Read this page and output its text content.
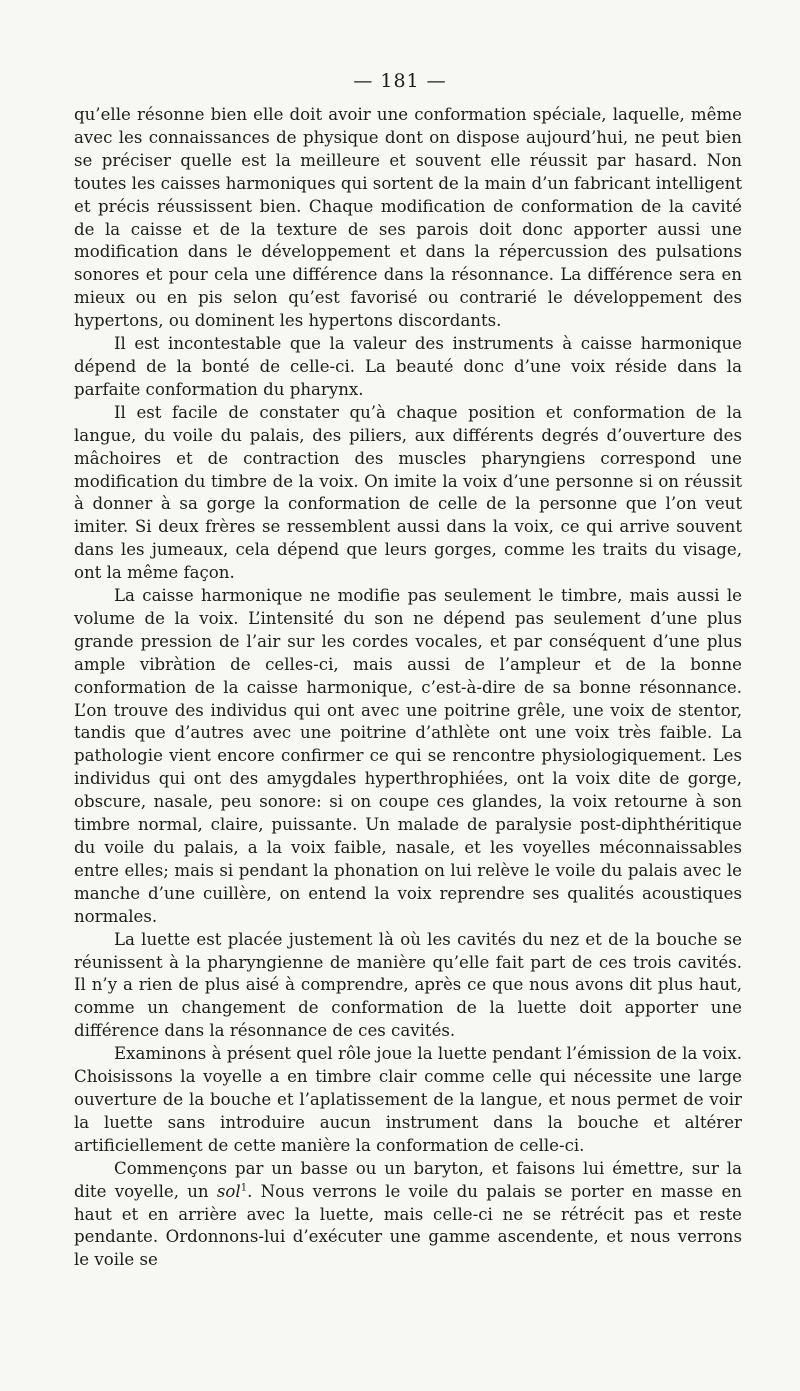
— 181 —

qu’elle résonne bien elle doit avoir une conformation spéciale, laquelle, même avec les connaissances de physique dont on dispose aujourd’hui, ne peut bien se préciser quelle est la meilleure et souvent elle réussit par hasard. Non toutes les caisses harmoniques qui sortent de la main d’un fabricant intelligent et précis réussissent bien. Chaque modification de conformation de la cavité de la caisse et de la texture de ses parois doit donc apporter aussi une modification dans le développement et dans la répercussion des pulsations sonores et pour cela une différence dans la résonnance. La différence sera en mieux ou en pis selon qu’est favorisé ou contrarié le développement des hypertons, ou dominent les hypertons discordants.

Il est incontestable que la valeur des instruments à caisse harmonique dépend de la bonté de celle-ci. La beauté donc d’une voix réside dans la parfaite conformation du pharynx.

Il est facile de constater qu’à chaque position et conformation de la langue, du voile du palais, des piliers, aux différents degrés d’ouverture des mâchoires et de contraction des muscles pharyngiens correspond une modification du timbre de la voix. On imite la voix d’une personne si on réussit à donner à sa gorge la conformation de celle de la personne que l’on veut imiter. Si deux frères se ressemblent aussi dans la voix, ce qui arrive souvent dans les jumeaux, cela dépend que leurs gorges, comme les traits du visage, ont la même façon.

La caisse harmonique ne modifie pas seulement le timbre, mais aussi le volume de la voix. L’intensité du son ne dépend pas seulement d’une plus grande pression de l’air sur les cordes vocales, et par conséquent d’une plus ample vibràtion de celles-ci, mais aussi de l’ampleur et de la bonne conformation de la caisse harmonique, c’est-à-dire de sa bonne résonnance. L’on trouve des individus qui ont avec une poitrine grêle, une voix de stentor, tandis que d’autres avec une poitrine d’athlète ont une voix très faible. La pathologie vient encore confirmer ce qui se rencontre physiologiquement. Les individus qui ont des amygdales hyperthrophiées, ont la voix dite de gorge, obscure, nasale, peu sonore: si on coupe ces glandes, la voix retourne à son timbre normal, claire, puissante. Un malade de paralysie post-diphthéritique du voile du palais, a la voix faible, nasale, et les voyelles méconnaissables entre elles; mais si pendant la phonation on lui relève le voile du palais avec le manche d’une cuillère, on entend la voix reprendre ses qualités acoustiques normales.

La luette est placée justement là où les cavités du nez et de la bouche se réunissent à la pharyngienne de manière qu’elle fait part de ces trois cavités. Il n’y a rien de plus aisé à comprendre, après ce que nous avons dit plus haut, comme un changement de conformation de la luette doit apporter une différence dans la résonnance de ces cavités.

Examinons à présent quel rôle joue la luette pendant l’émission de la voix. Choisissons la voyelle a en timbre clair comme celle qui nécessite une large ouverture de la bouche et l’aplatissement de la langue, et nous permet de voir la luette sans introduire aucun instrument dans la bouche et altérer artificiellement de cette manière la conformation de celle-ci.

Commençons par un basse ou un baryton, et faisons lui émettre, sur la dite voyelle, un sol$^1$. Nous verrons le voile du palais se porter en masse en haut et en arrière avec la luette, mais celle-ci ne se rétrécit pas et reste pendante. Ordonnons-lui d’exécuter une gamme ascendente, et nous verrons le voile se
